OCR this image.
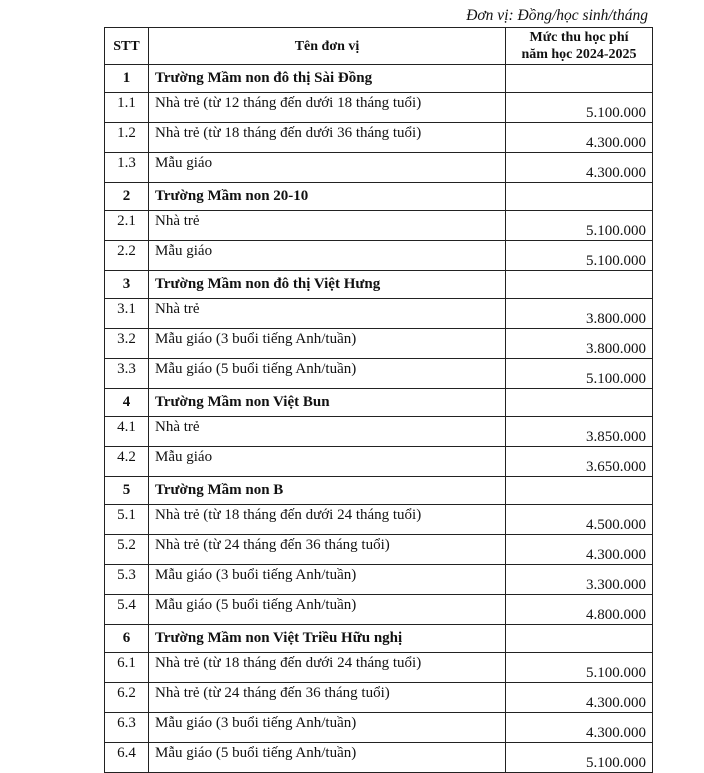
Đơn vị: Đồng/học sinh/tháng
STT	Tên đơn vị	Mức thu học phí
năm học 2024-2025
1	Trường Mầm non đô thị Sài Đồng	
1.1	Nhà trẻ (từ 12 tháng đến dưới 18 tháng tuổi)	5.100.000
1.2	Nhà trẻ (từ 18 tháng đến dưới 36 tháng tuổi)	4.300.000
1.3	Mẫu giáo	4.300.000
2	Trường Mầm non 20-10	
2.1	Nhà trẻ	5.100.000
2.2	Mẫu giáo	5.100.000
3	Trường Mầm non đô thị Việt Hưng	
3.1	Nhà trẻ	3.800.000
3.2	Mẫu giáo (3 buổi tiếng Anh/tuần)	3.800.000
3.3	Mẫu giáo (5 buổi tiếng Anh/tuần)	5.100.000
4	Trường Mầm non Việt Bun	
4.1	Nhà trẻ	3.850.000
4.2	Mẫu giáo	3.650.000
5	Trường Mầm non B	
5.1	Nhà trẻ (từ 18 tháng đến dưới 24 tháng tuổi)	4.500.000
5.2	Nhà trẻ (từ 24 tháng đến 36 tháng tuổi)	4.300.000
5.3	Mẫu giáo (3 buổi tiếng Anh/tuần)	3.300.000
5.4	Mẫu giáo (5 buổi tiếng Anh/tuần)	4.800.000
6	Trường Mầm non Việt Triều Hữu nghị	
6.1	Nhà trẻ (từ 18 tháng đến dưới 24 tháng tuổi)	5.100.000
6.2	Nhà trẻ (từ 24 tháng đến 36 tháng tuổi)	4.300.000
6.3	Mẫu giáo (3 buổi tiếng Anh/tuần)	4.300.000
6.4	Mẫu giáo (5 buổi tiếng Anh/tuần)	5.100.000
